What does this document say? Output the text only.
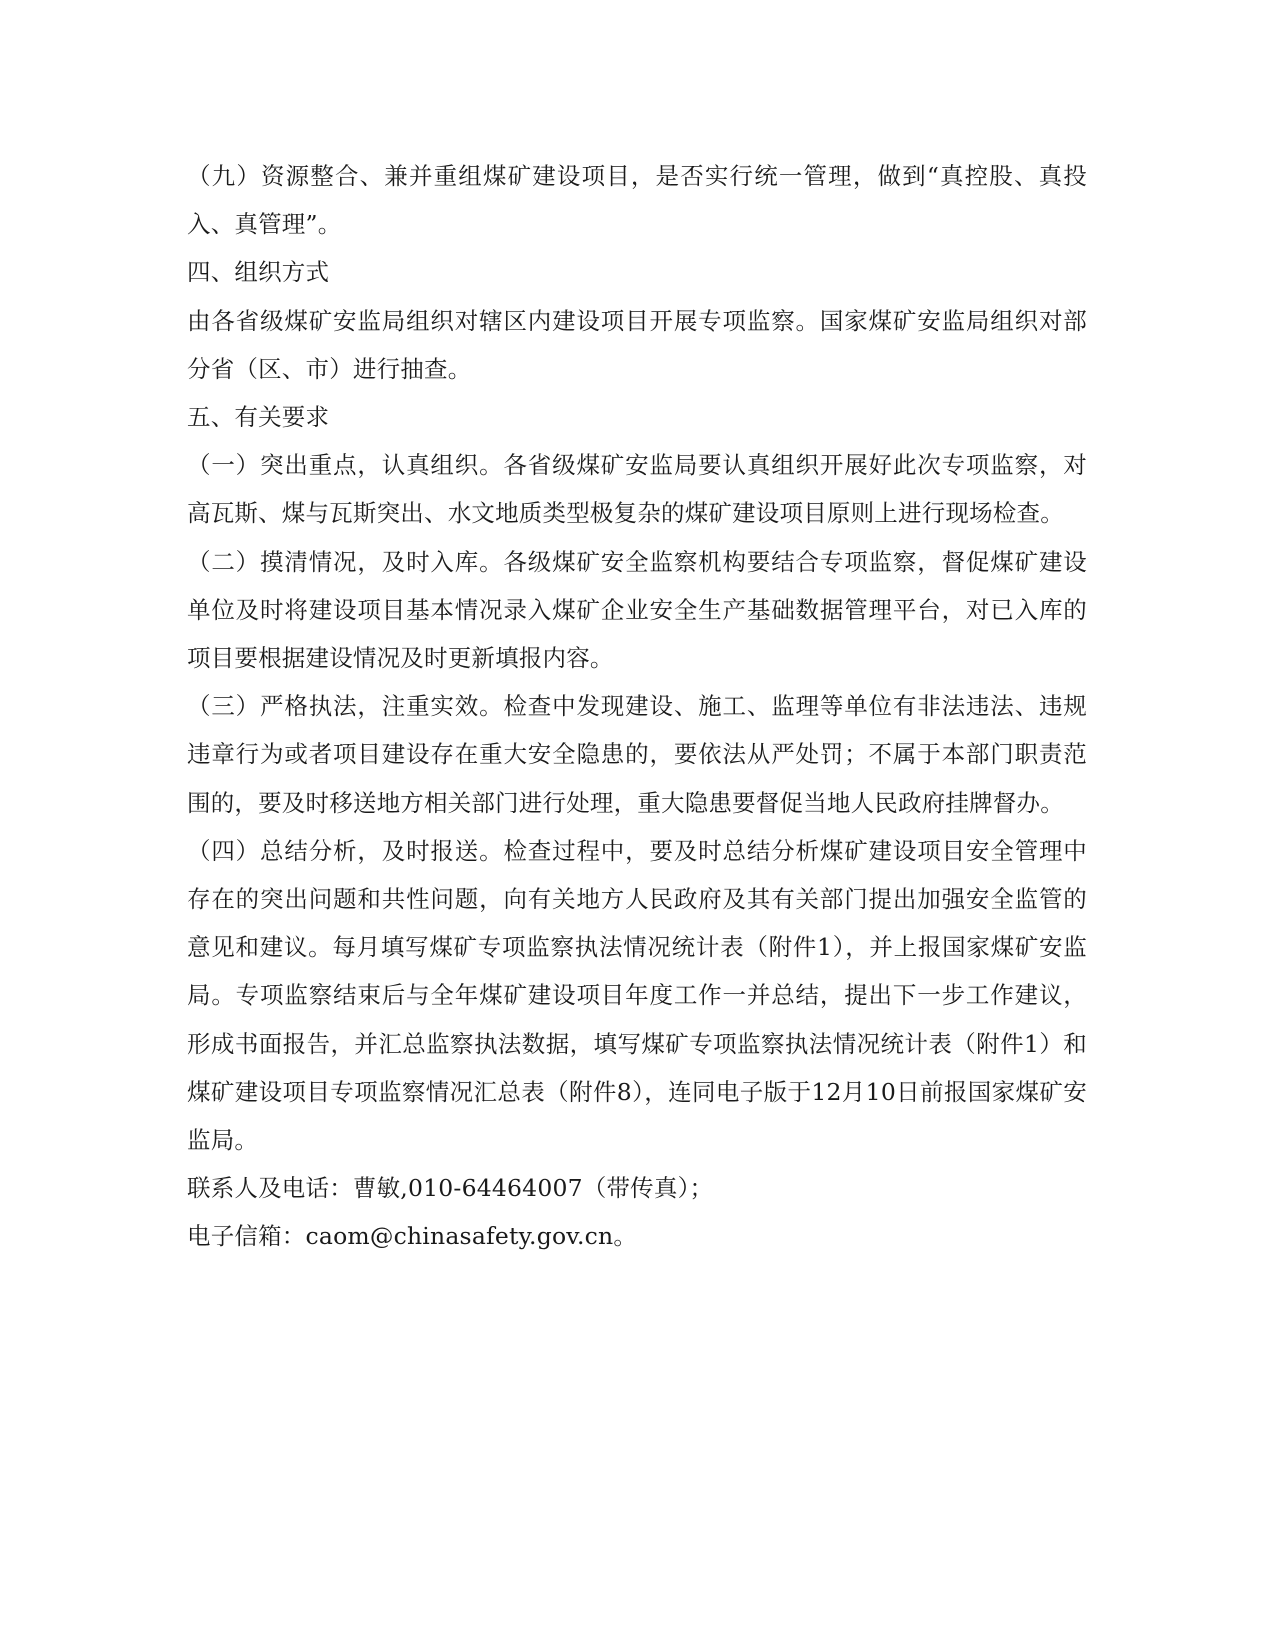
（九）资源整合、兼并重组煤矿建设项目，是否实行统一管理，做到“真控股、真投入、真管理”。

四、组织方式

由各省级煤矿安监局组织对辖区内建设项目开展专项监察。国家煤矿安监局组织对部分省（区、市）进行抽查。

五、有关要求

（一）突出重点，认真组织。各省级煤矿安监局要认真组织开展好此次专项监察，对高瓦斯、煤与瓦斯突出、水文地质类型极复杂的煤矿建设项目原则上进行现场检查。

（二）摸清情况，及时入库。各级煤矿安全监察机构要结合专项监察，督促煤矿建设单位及时将建设项目基本情况录入煤矿企业安全生产基础数据管理平台，对已入库的项目要根据建设情况及时更新填报内容。

（三）严格执法，注重实效。检查中发现建设、施工、监理等单位有非法违法、违规违章行为或者项目建设存在重大安全隐患的，要依法从严处罚；不属于本部门职责范围的，要及时移送地方相关部门进行处理，重大隐患要督促当地人民政府挂牌督办。

（四）总结分析，及时报送。检查过程中，要及时总结分析煤矿建设项目安全管理中存在的突出问题和共性问题，向有关地方人民政府及其有关部门提出加强安全监管的意见和建议。每月填写煤矿专项监察执法情况统计表（附件1），并上报国家煤矿安监局。专项监察结束后与全年煤矿建设项目年度工作一并总结，提出下一步工作建议，形成书面报告，并汇总监察执法数据，填写煤矿专项监察执法情况统计表（附件1）和煤矿建设项目专项监察情况汇总表（附件8），连同电子版于12月10日前报国家煤矿安监局。

联系人及电话：曹敏,010-64464007（带传真）；

电子信箱：caom@chinasafety.gov.cn。
